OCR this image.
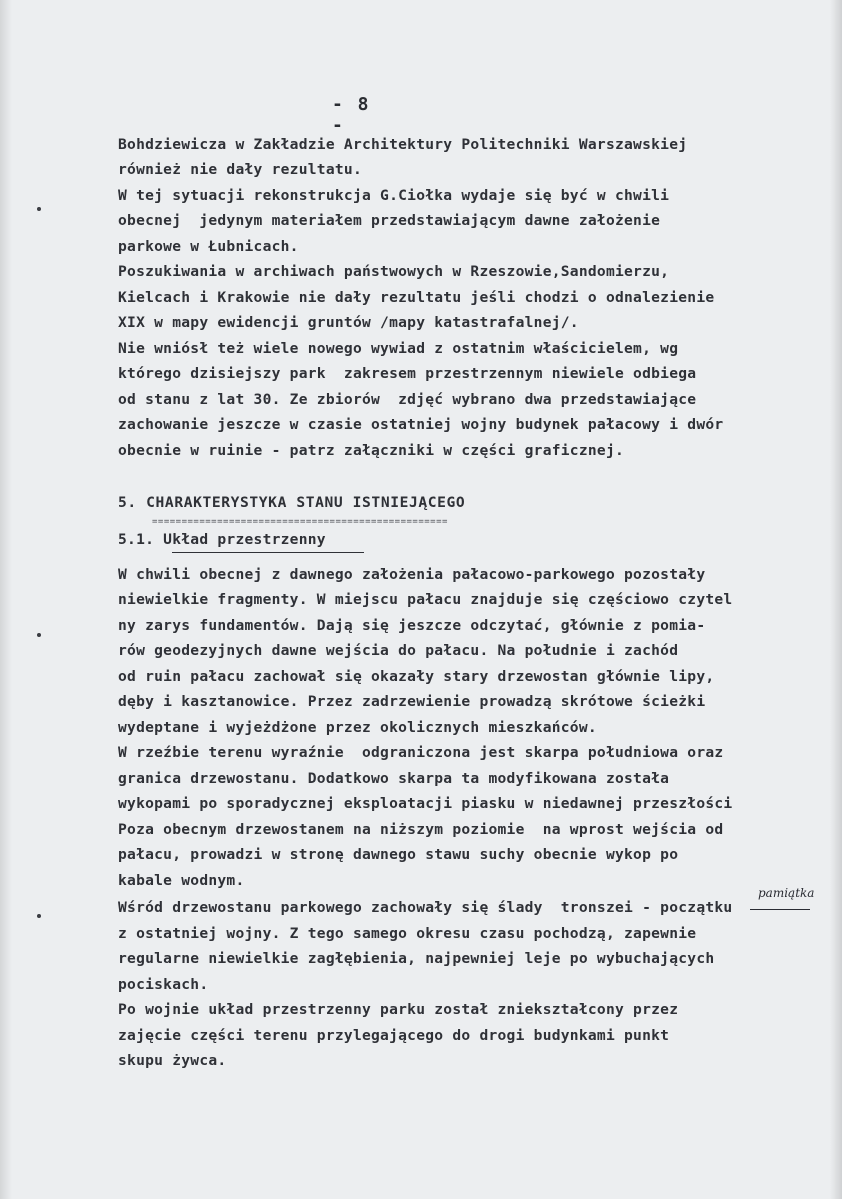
- 8 -
Bohdziewicza w Zakładzie Architektury Politechniki Warszawskiej
również nie dały rezultatu.
W tej sytuacji rekonstrukcja G.Ciołka wydaje się być w chwili
obecnej  jedynym materiałem przedstawiającym dawne założenie
parkowe w Łubnicach.
Poszukiwania w archiwach państwowych w Rzeszowie,Sandomierzu,
Kielcach i Krakowie nie dały rezultatu jeśli chodzi o odnalezienie
XIX w mapy ewidencji gruntów /mapy katastrafalnej/.
Nie wniósł też wiele nowego wywiad z ostatnim właścicielem, wg
którego dzisiejszy park  zakresem przestrzennym niewiele odbiega
od stanu z lat 30. Ze zbiorów  zdjęć wybrano dwa przedstawiające
zachowanie jeszcze w czasie ostatniej wojny budynek pałacowy i dwór
obecnie w ruinie - patrz załączniki w części graficznej.
5. CHARAKTERYSTYKA STANU ISTNIEJĄCEGO
==================================================
5.1. Układ przestrzenny
W chwili obecnej z dawnego założenia pałacowo-parkowego pozostały
niewielkie fragmenty. W miejscu pałacu znajduje się częściowo czytel
ny zarys fundamentów. Dają się jeszcze odczytać, głównie z pomia-
rów geodezyjnych dawne wejścia do pałacu. Na południe i zachód
od ruin pałacu zachował się okazały stary drzewostan głównie lipy,
dęby i kasztanowice. Przez zadrzewienie prowadzą skrótowe ścieżki
wydeptane i wyjeżdżone przez okolicznych mieszkańców.
W rzeźbie terenu wyraźnie  odgraniczona jest skarpa południowa oraz
granica drzewostanu. Dodatkowo skarpa ta modyfikowana została
wykopami po sporadycznej eksploatacji piasku w niedawnej przeszłości
Poza obecnym drzewostanem na niższym poziomie  na wprost wejścia od
pałacu, prowadzi w stronę dawnego stawu suchy obecnie wykop po
kabale wodnym.
Wśród drzewostanu parkowego zachowały się ślady  tronszei - początku
z ostatniej wojny. Z tego samego okresu czasu pochodzą, zapewnie
regularne niewielkie zagłębienia, najpewniej leje po wybuchających
pociskach.
Po wojnie układ przestrzenny parku został zniekształcony przez
zajęcie części terenu przylegającego do drogi budynkami punkt
skupu żywca.
pamiątka
